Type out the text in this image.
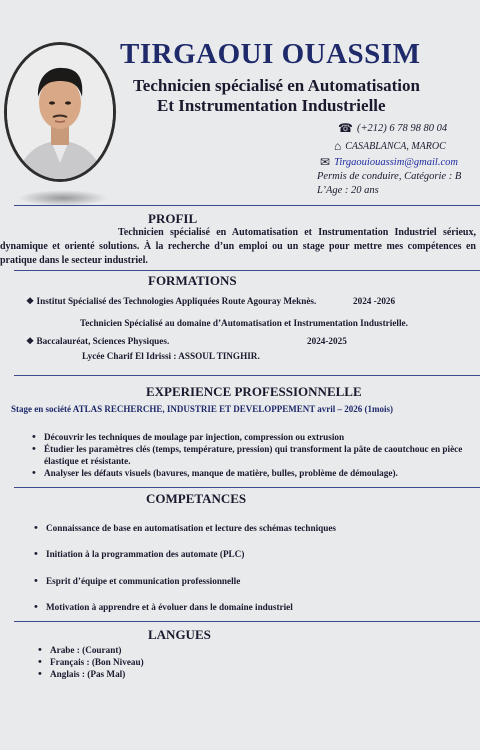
TIRGAOUI OUASSIM
Technicien spécialisé en Automatisation
Et Instrumentation Industrielle
☎ (+212) 6 78 98 80 04
⌂ CASABLANCA, MAROC
✉ Tirgaouiouassim@gmail.com
Permis de conduire, Catégorie : B
L’Age : 20 ans
PROFIL
Technicien spécialisé en Automatisation et Instrumentation Industriel sérieux, dynamique et orienté solutions. À la recherche d’un emploi ou un stage pour mettre mes compétences en pratique dans le secteur industriel.
FORMATIONS
❖ Institut Spécialisé des Technologies Appliquées Route Agouray Meknès.	2024 -2026
Technicien Spécialisé au domaine d’Automatisation et Instrumentation Industrielle.
❖ Baccalauréat, Sciences Physiques.	2024-2025
Lycée Charif El Idrissi : ASSOUL TINGHIR.
EXPERIENCE PROFESSIONNELLE
Stage en société ATLAS RECHERCHE, INDUSTRIE ET DEVELOPPEMENT avril – 2026 (1mois)
• Découvrir les techniques de moulage par injection, compression ou extrusion
• Étudier les paramètres clés (temps, température, pression) qui transforment la pâte de caoutchouc en pièce élastique et résistante.
• Analyser les défauts visuels (bavures, manque de matière, bulles, problème de démoulage).
COMPETANCES
• Connaissance de base en automatisation et lecture des schémas techniques
• Initiation à la programmation des automate (PLC)
• Esprit d’équipe et communication professionnelle
• Motivation à apprendre et à évoluer dans le domaine industriel
LANGUES
• Arabe : (Courant)
• Français : (Bon Niveau)
• Anglais : (Pas Mal)
